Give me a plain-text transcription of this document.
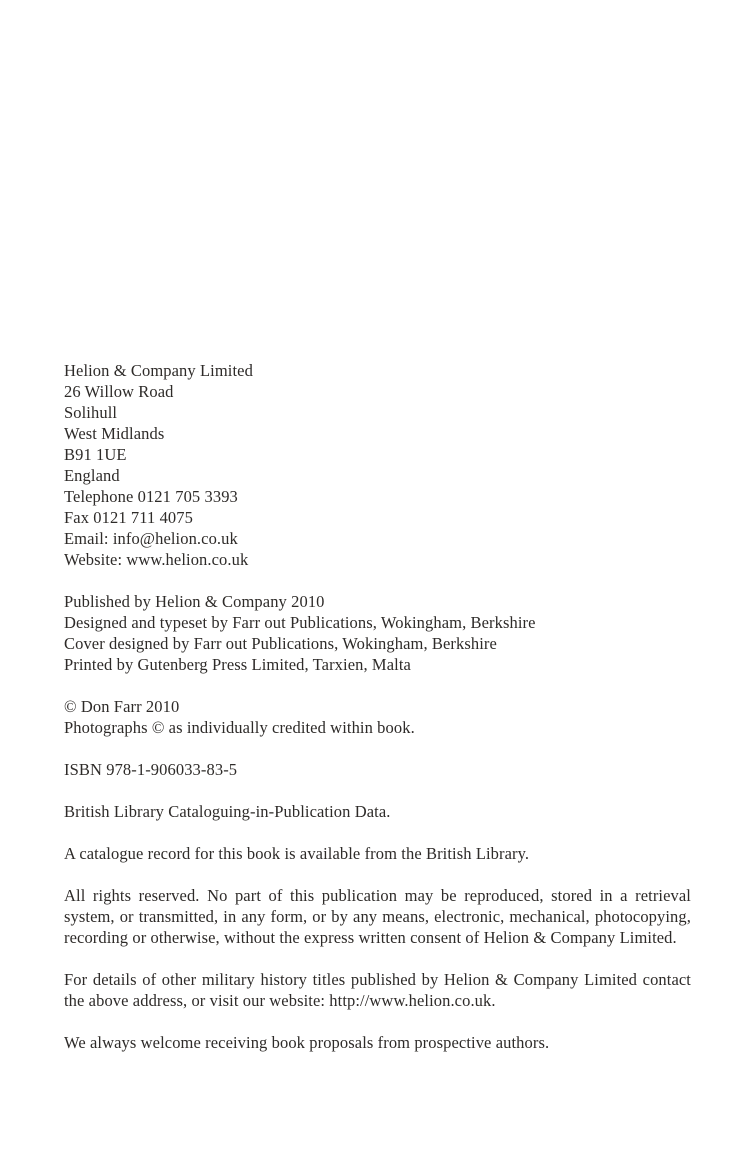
Helion & Company Limited
26 Willow Road
Solihull
West Midlands
B91 1UE
England
Telephone 0121 705 3393
Fax 0121 711 4075
Email: info@helion.co.uk
Website: www.helion.co.uk
Published by Helion & Company 2010
Designed and typeset by Farr out Publications, Wokingham, Berkshire
Cover designed by Farr out Publications, Wokingham, Berkshire
Printed by Gutenberg Press Limited, Tarxien, Malta
© Don Farr 2010
Photographs © as individually credited within book.

ISBN 978-1-906033-83-5

British Library Cataloguing-in-Publication Data.

A catalogue record for this book is available from the British Library.

All rights reserved. No part of this publication may be reproduced, stored in a retrieval system, or transmitted, in any form, or by any means, electronic, mechanical, photocopying, recording or otherwise, without the express written consent of Helion & Company Limited.

For details of other military history titles published by Helion & Company Limited contact the above address, or visit our website: http://www.helion.co.uk.

We always welcome receiving book proposals from prospective authors.
